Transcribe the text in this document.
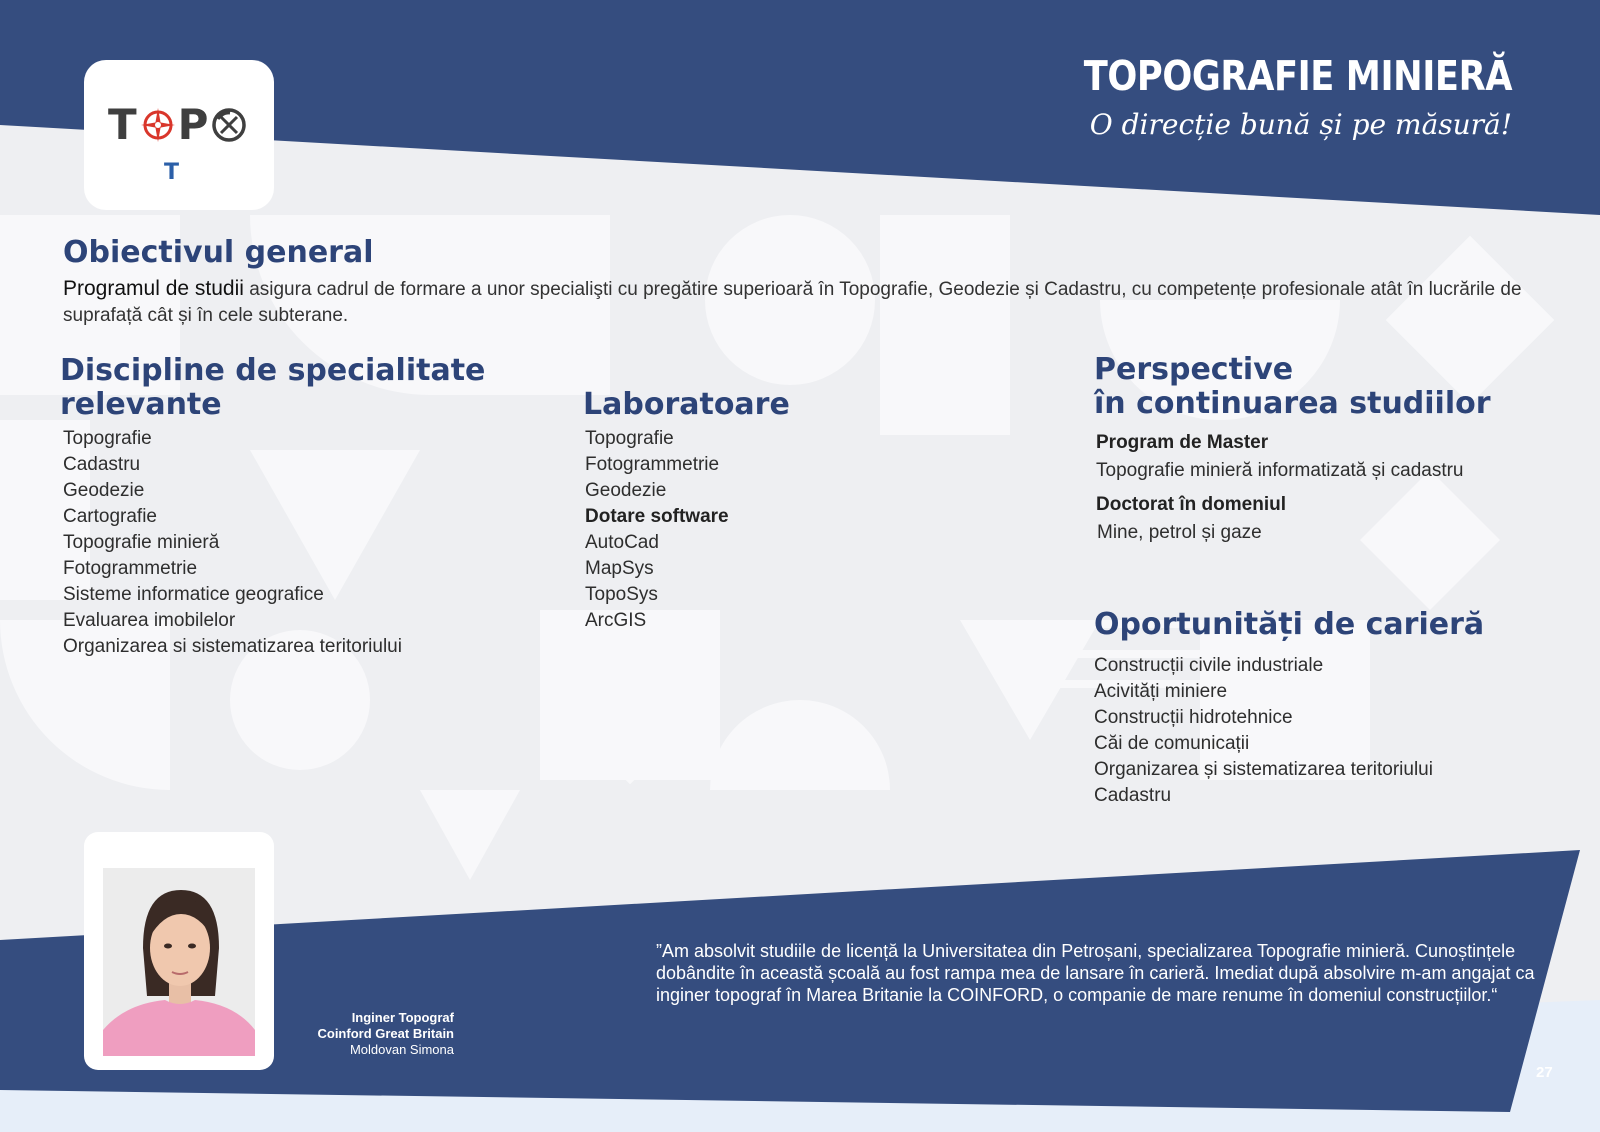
T P
T
TOPOGRAFIE MINIERĂ
O direcție bună și pe măsură!
Obiectivul general

Programul de studii asigura cadrul de formare a unor specialişti cu pregătire superioară în Topografie, Geodezie și Cadastru, cu competențe profesionale atât în lucrările de suprafață cât și în cele subterane.

Discipline de specialitate
relevante
Topografie
Cadastru
Geodezie
Cartografie
Topografie minieră
Fotogrammetrie
Sisteme informatice geografice
Evaluarea imobilelor
Organizarea si sistematizarea teritoriului
Laboratoare
Topografie
Fotogrammetrie
Geodezie
Dotare software
AutoCad
MapSys
TopoSys
ArcGIS
Perspective
în continuarea studiilor
Program de Master
Topografie minieră informatizată și cadastru
Doctorat în domeniul
Mine, petrol și gaze
Oportunități de carieră
Construcții civile industriale
Acivități miniere
Construcții hidrotehnice
Căi de comunicații
Organizarea și sistematizarea teritoriului
Cadastru
Inginer Topograf
Coinford Great Britain
Moldovan Simona

”Am absolvit studiile de licență la Universitatea din Petroșani, specializarea Topografie minieră. Cunoștințele dobândite în această școală au fost rampa mea de lansare în carieră. Imediat după absolvire m-am angajat ca inginer topograf în Marea Britanie la COINFORD, o companie de mare renume în domeniul construcțiilor.“

27
